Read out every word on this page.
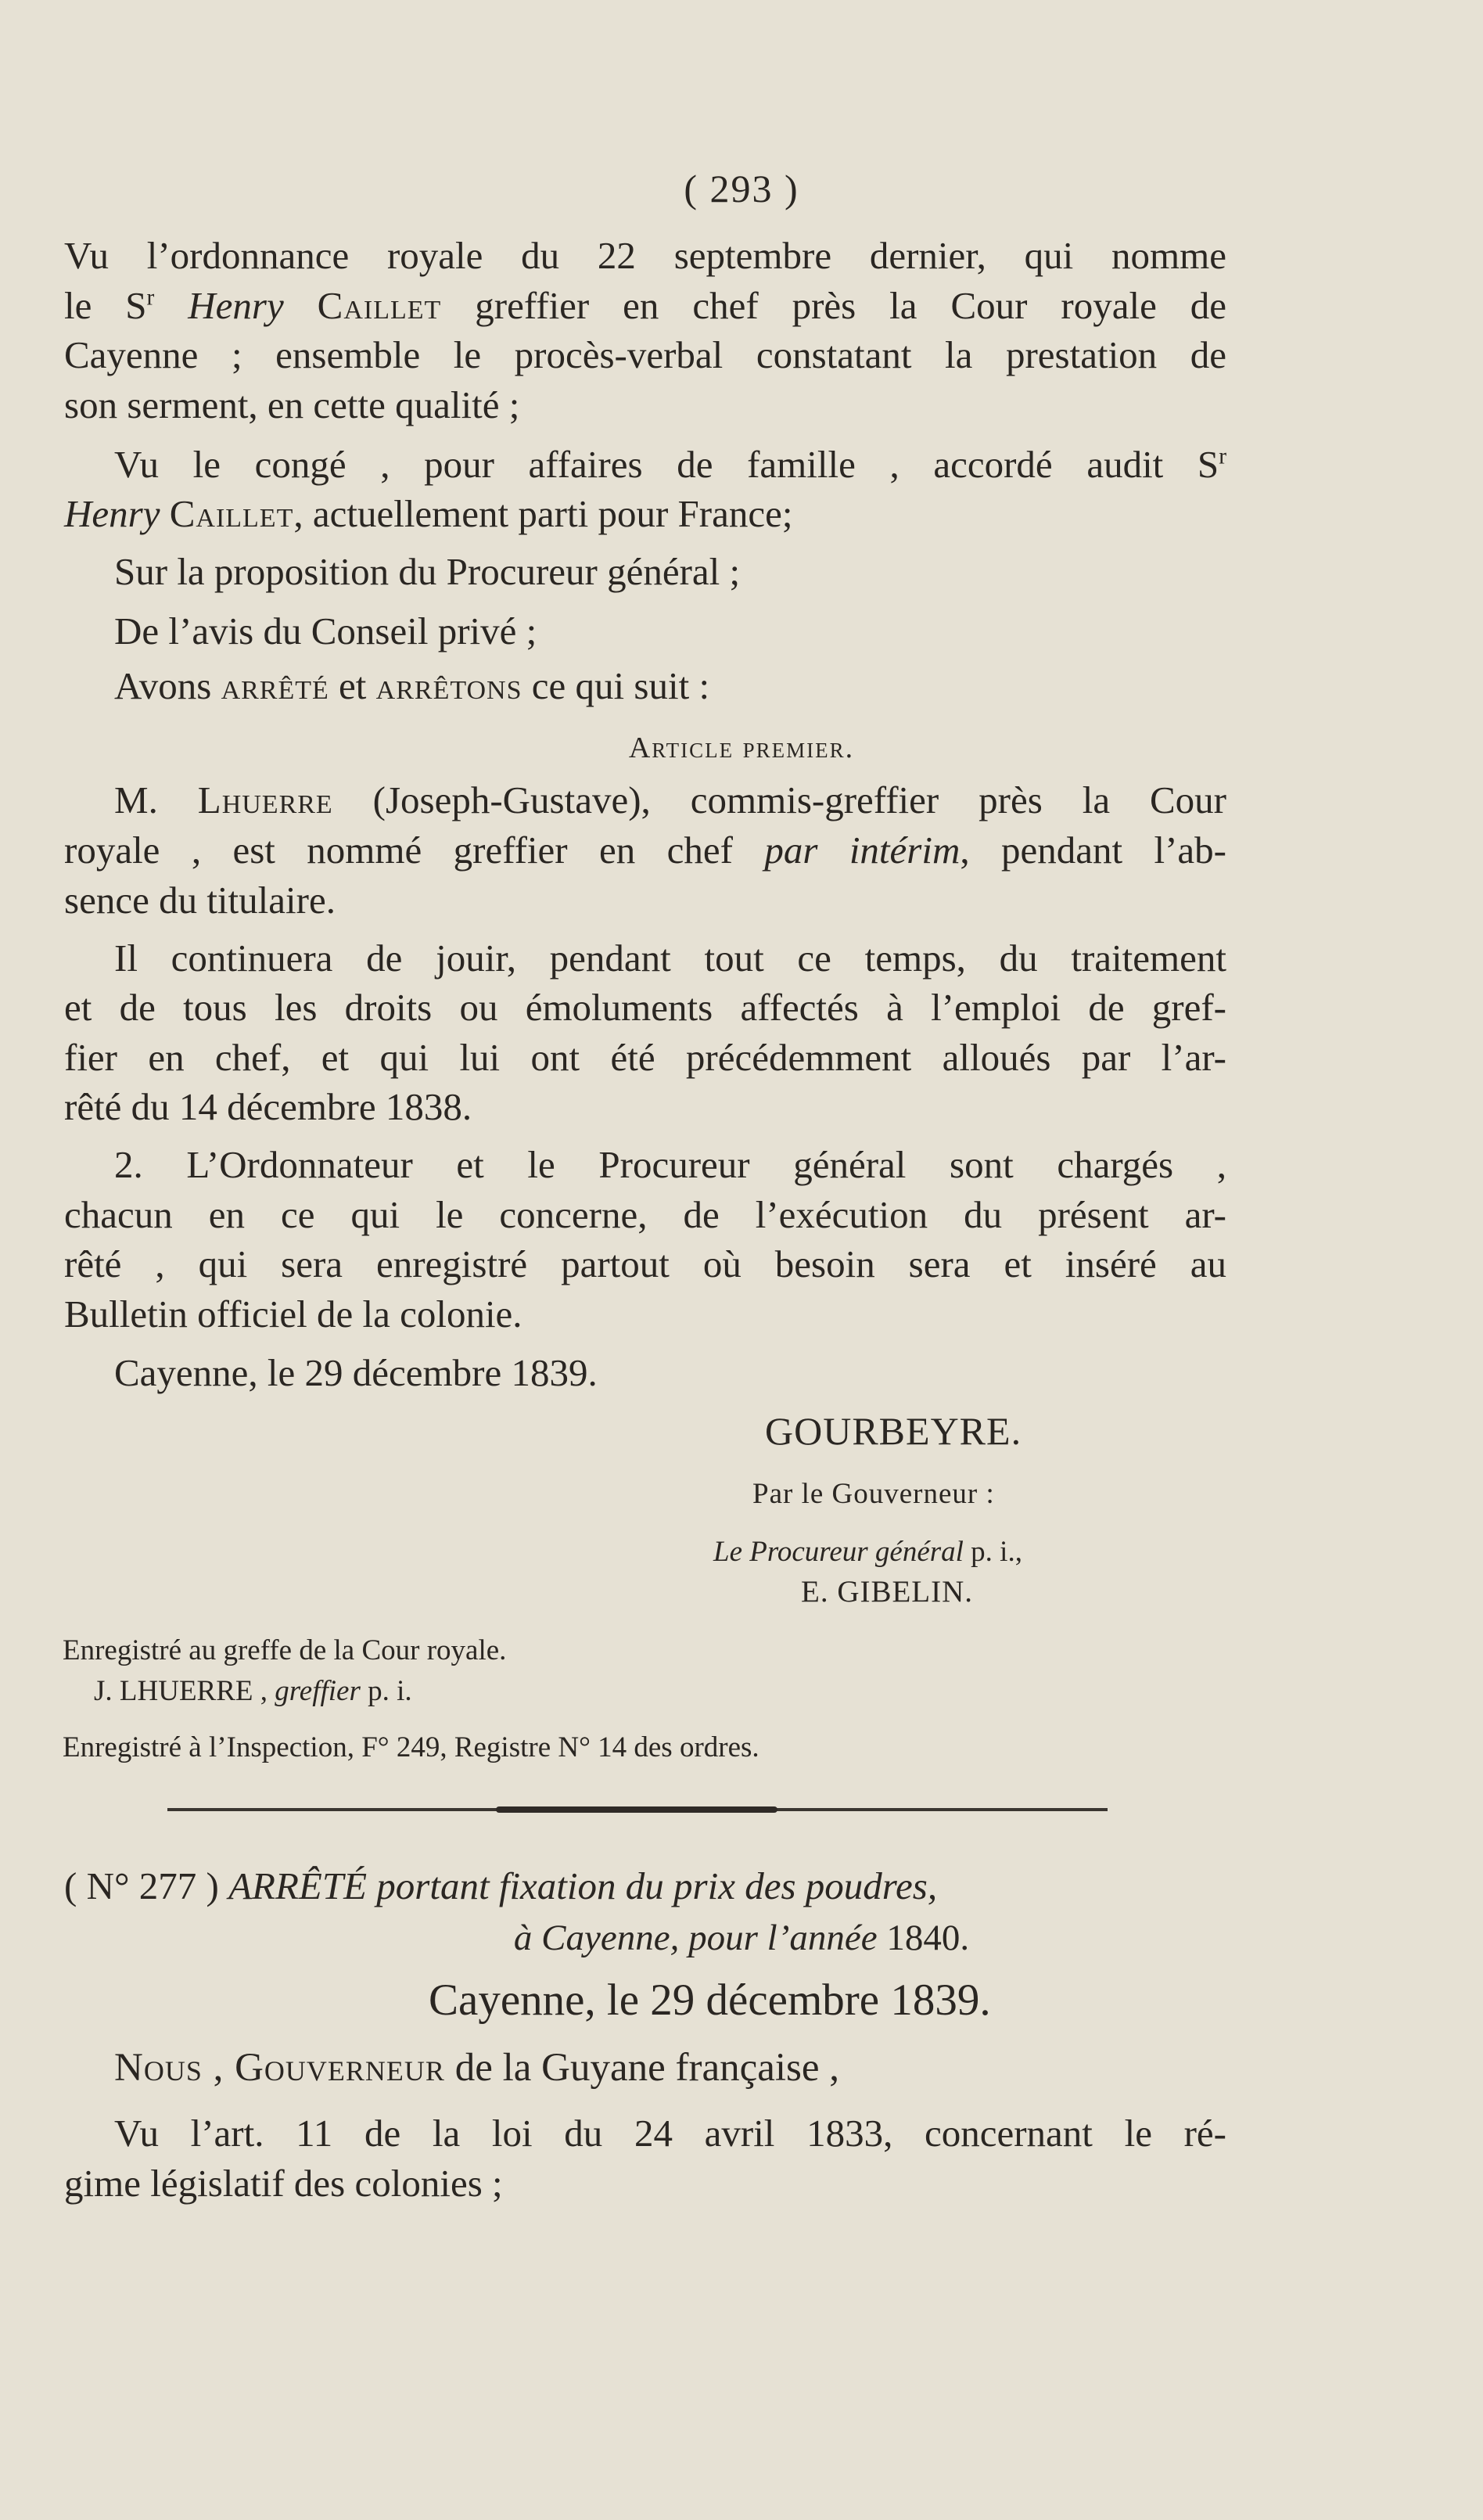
( 293 )
Vu l’ordonnance royale du 22 septembre dernier, qui nomme
le $S^r$ Henry Caillet greffier en chef près la Cour royale de
Cayenne ; ensemble le procès-verbal constatant la prestation de
son serment, en cette qualité ;
Vu le congé , pour affaires de famille , accordé audit $S^r$
Henry Caillet, actuellement parti pour France;
Sur la proposition du Procureur général ;
De l’avis du Conseil privé ;
Avons arrêté et arrêtons ce qui suit :
Article premier.
M. Lhuerre (Joseph-Gustave), commis-greffier près la Cour
royale , est nommé greffier en chef par intérim, pendant l’ab-
sence du titulaire.
Il continuera de jouir, pendant tout ce temps, du traitement
et de tous les droits ou émoluments affectés à l’emploi de gref-
fier en chef, et qui lui ont été précédemment alloués par l’ar-
rêté du 14 décembre 1838.
2. L’Ordonnateur et le Procureur général sont chargés ,
chacun en ce qui le concerne, de l’exécution du présent ar-
rêté , qui sera enregistré partout où besoin sera et inséré au
Bulletin officiel de la colonie.
Cayenne, le 29 décembre 1839.
GOURBEYRE.
Par le Gouverneur :
Le Procureur général p. i.,
E. GIBELIN.
Enregistré au greffe de la Cour royale.
J. LHUERRE , greffier p. i.
Enregistré à l’Inspection, F° 249, Registre N° 14 des ordres.
( N° 277 ) ARRÊTÉ portant fixation du prix des poudres,
à Cayenne, pour l’année 1840.
Cayenne, le 29 décembre 1839.
Nous , Gouverneur de la Guyane française ,
Vu l’art. 11 de la loi du 24 avril 1833, concernant le ré-
gime législatif des colonies ;
